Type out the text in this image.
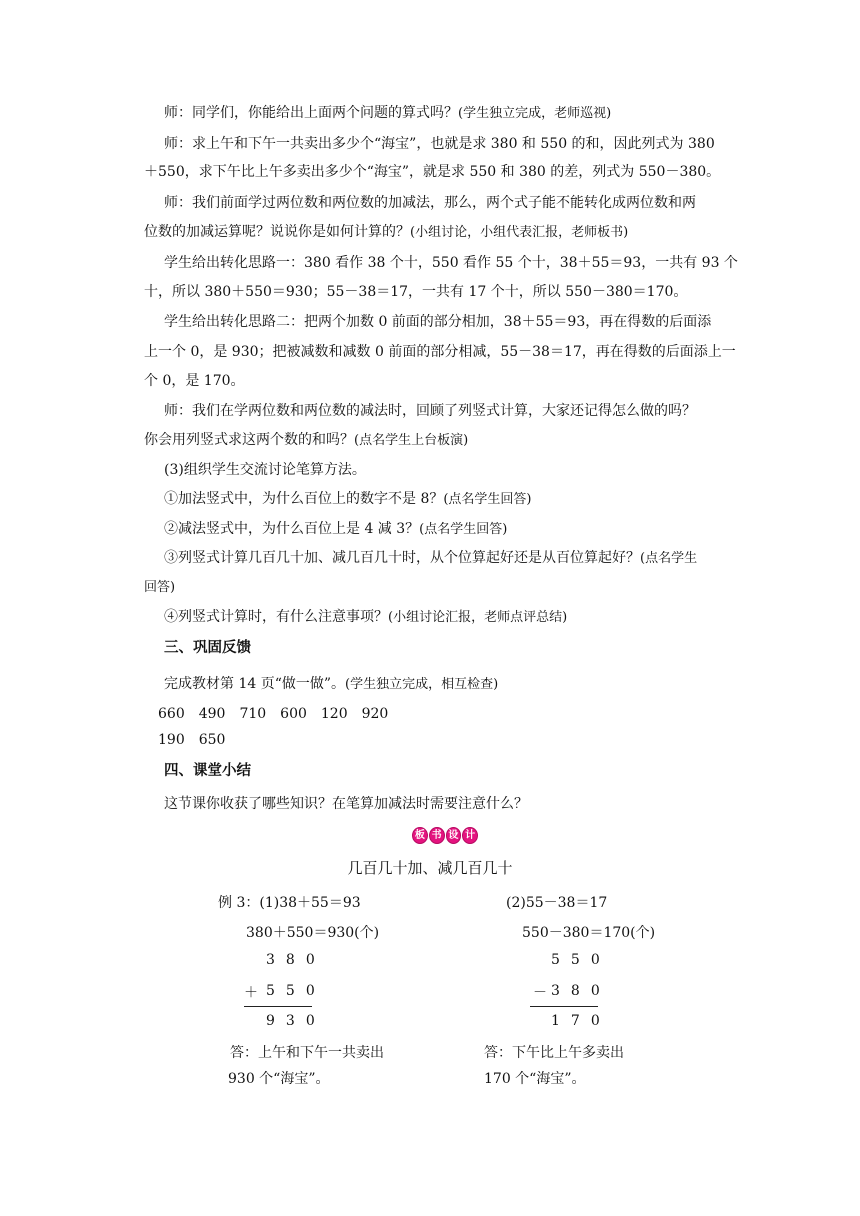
师：同学们，你能给出上面两个问题的算式吗？(学生独立完成，老师巡视)
师：求上午和下午一共卖出多少个“海宝”，也就是求 380 和 550 的和，因此列式为 380
＋550，求下午比上午多卖出多少个“海宝”，就是求 550 和 380 的差，列式为 550－380。
师：我们前面学过两位数和两位数的加减法，那么，两个式子能不能转化成两位数和两
位数的加减运算呢？说说你是如何计算的？(小组讨论，小组代表汇报，老师板书)
学生给出转化思路一：380 看作 38 个十，550 看作 55 个十，38＋55＝93，一共有 93 个
十，所以 380＋550＝930；55－38＝17，一共有 17 个十，所以 550－380＝170。
学生给出转化思路二：把两个加数 0 前面的部分相加，38＋55＝93，再在得数的后面添
上一个 0，是 930；把被减数和减数 0 前面的部分相减，55－38＝17，再在得数的后面添上一
个 0，是 170。
师：我们在学两位数和两位数的减法时，回顾了列竖式计算，大家还记得怎么做的吗？
你会用列竖式求这两个数的和吗？(点名学生上台板演)
(3)组织学生交流讨论笔算方法。
①加法竖式中，为什么百位上的数字不是 8？(点名学生回答)
②减法竖式中，为什么百位上是 4 减 3？(点名学生回答)
③列竖式计算几百几十加、减几百几十时，从个位算起好还是从百位算起好？(点名学生
回答)
④列竖式计算时，有什么注意事项？(小组讨论汇报，老师点评总结)
三、巩固反馈
完成教材第 14 页“做一做”。(学生独立完成，相互检查)
660　490　710　600　120　920
190　650
四、课堂小结
这节课你收获了哪些知识？在笔算加减法时需要注意什么？
板 书 设 计
几百几十加、减几百几十
例 3：(1)38＋55＝93
380＋550＝930(个)
380
＋ 550
930
答：上午和下午一共卖出
930 个“海宝”。
(2)55－38＝17
550－380＝170(个)
550
－ 380
170
答：下午比上午多卖出
170 个“海宝”。
